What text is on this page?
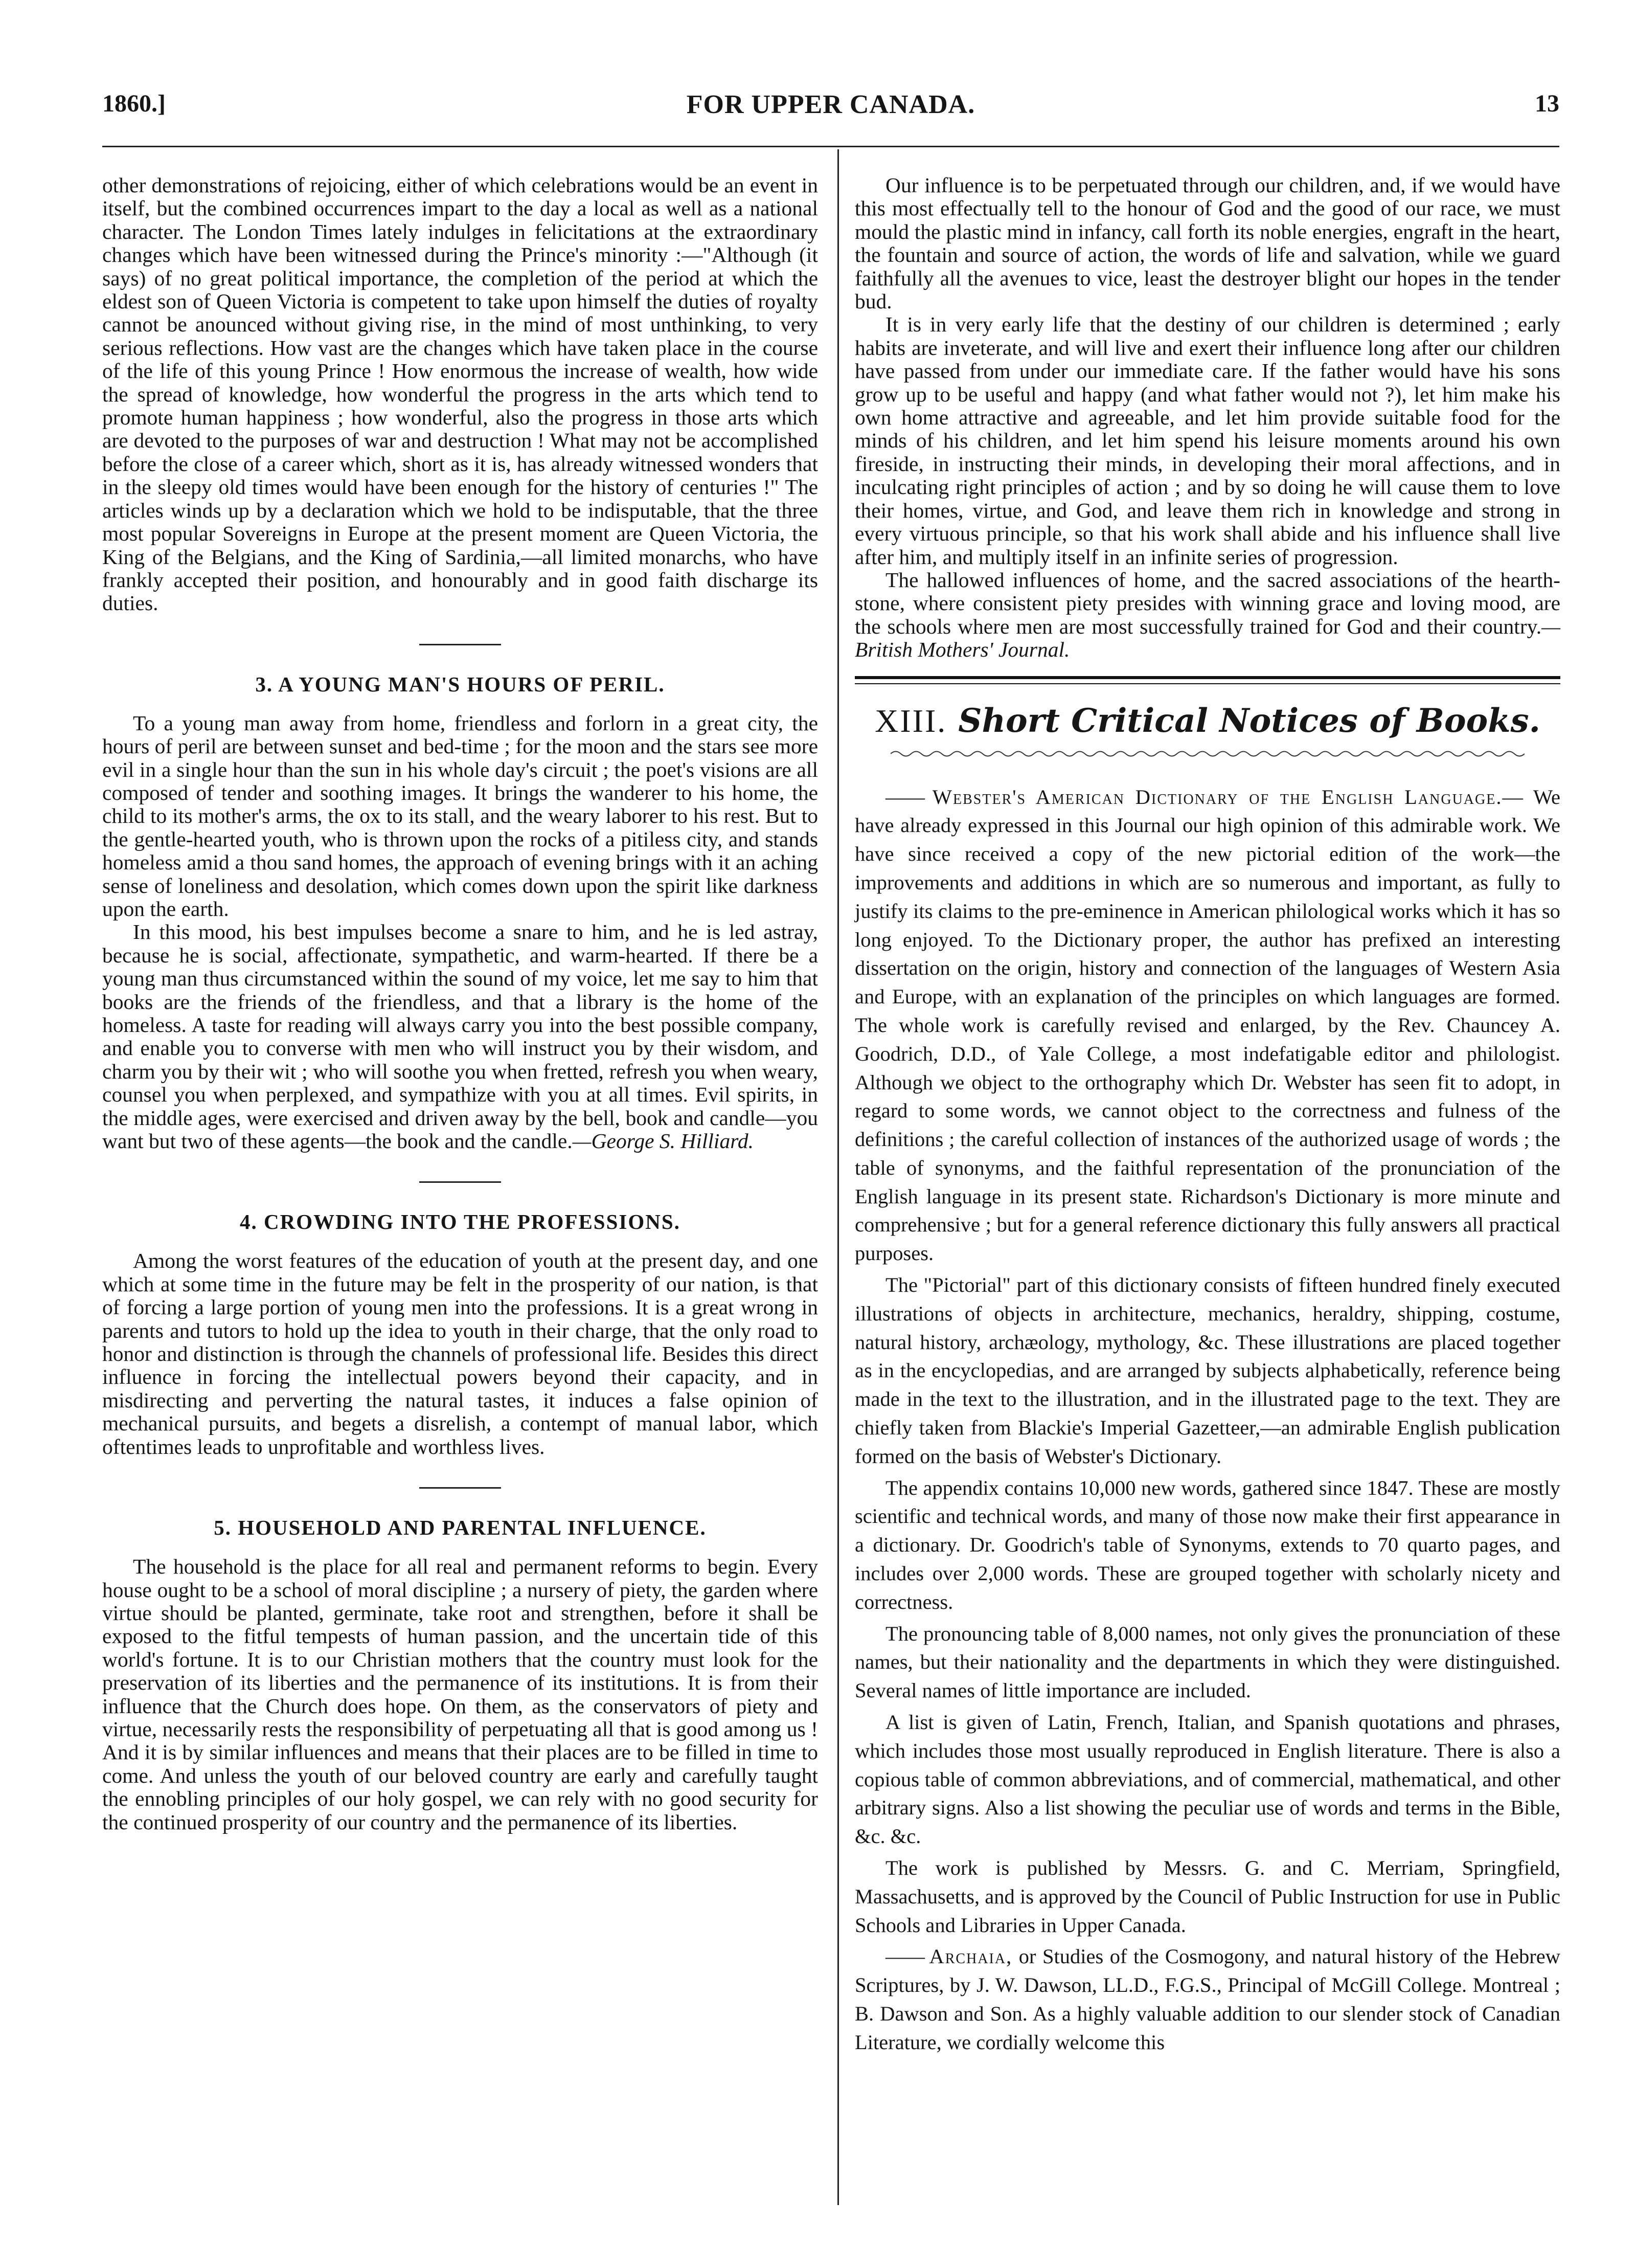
1860.]	FOR UPPER CANADA.	13

other demonstrations of rejoicing, either of which celebrations would be an event in itself, but the combined occurrences impart to the day a local as well as a national character. The London Times lately indulges in felicitations at the extraordinary changes which have been witnessed during the Prince's minority :—"Although (it says) of no great political importance, the completion of the period at which the eldest son of Queen Victoria is competent to take upon himself the duties of royalty cannot be anounced without giving rise, in the mind of most unthinking, to very serious reflections. How vast are the changes which have taken place in the course of the life of this young Prince ! How enormous the increase of wealth, how wide the spread of knowledge, how wonderful the progress in the arts which tend to promote human happiness ; how wonderful, also the progress in those arts which are devoted to the purposes of war and destruction ! What may not be accomplished before the close of a career which, short as it is, has already witnessed wonders that in the sleepy old times would have been enough for the history of centuries !" The articles winds up by a declaration which we hold to be indisputable, that the three most popular Sovereigns in Europe at the present moment are Queen Victoria, the King of the Belgians, and the King of Sardinia,—all limited monarchs, who have frankly accepted their position, and honourably and in good faith discharge its duties.

3. A YOUNG MAN'S HOURS OF PERIL.

To a young man away from home, friendless and forlorn in a great city, the hours of peril are between sunset and bed-time ; for the moon and the stars see more evil in a single hour than the sun in his whole day's circuit ; the poet's visions are all composed of tender and soothing images. It brings the wanderer to his home, the child to its mother's arms, the ox to its stall, and the weary laborer to his rest. But to the gentle-hearted youth, who is thrown upon the rocks of a pitiless city, and stands homeless amid a thou sand homes, the approach of evening brings with it an aching sense of loneliness and desolation, which comes down upon the spirit like darkness upon the earth.

In this mood, his best impulses become a snare to him, and he is led astray, because he is social, affectionate, sympathetic, and warm-hearted. If there be a young man thus circumstanced within the sound of my voice, let me say to him that books are the friends of the friendless, and that a library is the home of the homeless. A taste for reading will always carry you into the best possible company, and enable you to converse with men who will instruct you by their wisdom, and charm you by their wit ; who will soothe you when fretted, refresh you when weary, counsel you when perplexed, and sympathize with you at all times. Evil spirits, in the middle ages, were exercised and driven away by the bell, book and candle—you want but two of these agents—the book and the candle.—George S. Hilliard.

4. CROWDING INTO THE PROFESSIONS.

Among the worst features of the education of youth at the present day, and one which at some time in the future may be felt in the prosperity of our nation, is that of forcing a large portion of young men into the professions. It is a great wrong in parents and tutors to hold up the idea to youth in their charge, that the only road to honor and distinction is through the channels of professional life. Besides this direct influence in forcing the intellectual powers beyond their capacity, and in misdirecting and perverting the natural tastes, it induces a false opinion of mechanical pursuits, and begets a disrelish, a contempt of manual labor, which oftentimes leads to unprofitable and worthless lives.

5. HOUSEHOLD AND PARENTAL INFLUENCE.

The household is the place for all real and permanent reforms to begin. Every house ought to be a school of moral discipline ; a nursery of piety, the garden where virtue should be planted, germinate, take root and strengthen, before it shall be exposed to the fitful tempests of human passion, and the uncertain tide of this world's fortune. It is to our Christian mothers that the country must look for the preservation of its liberties and the permanence of its institutions. It is from their influence that the Church does hope. On them, as the conservators of piety and virtue, necessarily rests the responsibility of perpetuating all that is good among us ! And it is by similar influences and means that their places are to be filled in time to come. And unless the youth of our beloved country are early and carefully taught the ennobling principles of our holy gospel, we can rely with no good security for the continued prosperity of our country and the permanence of its liberties.

Our influence is to be perpetuated through our children, and, if we would have this most effectually tell to the honour of God and the good of our race, we must mould the plastic mind in infancy, call forth its noble energies, engraft in the heart, the fountain and source of action, the words of life and salvation, while we guard faithfully all the avenues to vice, least the destroyer blight our hopes in the tender bud.

It is in very early life that the destiny of our children is determined ; early habits are inveterate, and will live and exert their influence long after our children have passed from under our immediate care. If the father would have his sons grow up to be useful and happy (and what father would not ?), let him make his own home attractive and agreeable, and let him provide suitable food for the minds of his children, and let him spend his leisure moments around his own fireside, in instructing their minds, in developing their moral affections, and in inculcating right principles of action ; and by so doing he will cause them to love their homes, virtue, and God, and leave them rich in knowledge and strong in every virtuous principle, so that his work shall abide and his influence shall live after him, and multiply itself in an infinite series of progression.

The hallowed influences of home, and the sacred associations of the hearth-stone, where consistent piety presides with winning grace and loving mood, are the schools where men are most successfully trained for God and their country.—British Mothers' Journal.

XIII. Short Critical Notices of Books.

—— Webster's American Dictionary of the English Language.— We have already expressed in this Journal our high opinion of this admirable work. We have since received a copy of the new pictorial edition of the work—the improvements and additions in which are so numerous and important, as fully to justify its claims to the pre-eminence in American philological works which it has so long enjoyed. To the Dictionary proper, the author has prefixed an interesting dissertation on the origin, history and connection of the languages of Western Asia and Europe, with an explanation of the principles on which languages are formed. The whole work is carefully revised and enlarged, by the Rev. Chauncey A. Goodrich, D.D., of Yale College, a most indefatigable editor and philologist. Although we object to the orthography which Dr. Webster has seen fit to adopt, in regard to some words, we cannot object to the correctness and fulness of the definitions ; the careful collection of instances of the authorized usage of words ; the table of synonyms, and the faithful representation of the pronunciation of the English language in its present state. Richardson's Dictionary is more minute and comprehensive ; but for a general reference dictionary this fully answers all practical purposes.

The "Pictorial" part of this dictionary consists of fifteen hundred finely executed illustrations of objects in architecture, mechanics, heraldry, shipping, costume, natural history, archæology, mythology, &c. These illustrations are placed together as in the encyclopedias, and are arranged by subjects alphabetically, reference being made in the text to the illustration, and in the illustrated page to the text. They are chiefly taken from Blackie's Imperial Gazetteer,—an admirable English publication formed on the basis of Webster's Dictionary.

The appendix contains 10,000 new words, gathered since 1847. These are mostly scientific and technical words, and many of those now make their first appearance in a dictionary. Dr. Goodrich's table of Synonyms, extends to 70 quarto pages, and includes over 2,000 words. These are grouped together with scholarly nicety and correctness.

The pronouncing table of 8,000 names, not only gives the pronunciation of these names, but their nationality and the departments in which they were distinguished. Several names of little importance are included.

A list is given of Latin, French, Italian, and Spanish quotations and phrases, which includes those most usually reproduced in English literature. There is also a copious table of common abbreviations, and of commercial, mathematical, and other arbitrary signs. Also a list showing the peculiar use of words and terms in the Bible, &c. &c.

The work is published by Messrs. G. and C. Merriam, Springfield, Massachusetts, and is approved by the Council of Public Instruction for use in Public Schools and Libraries in Upper Canada.

—— Archaia, or Studies of the Cosmogony, and natural history of the Hebrew Scriptures, by J. W. Dawson, LL.D., F.G.S., Principal of McGill College. Montreal ; B. Dawson and Son. As a highly valuable addition to our slender stock of Canadian Literature, we cordially welcome this
